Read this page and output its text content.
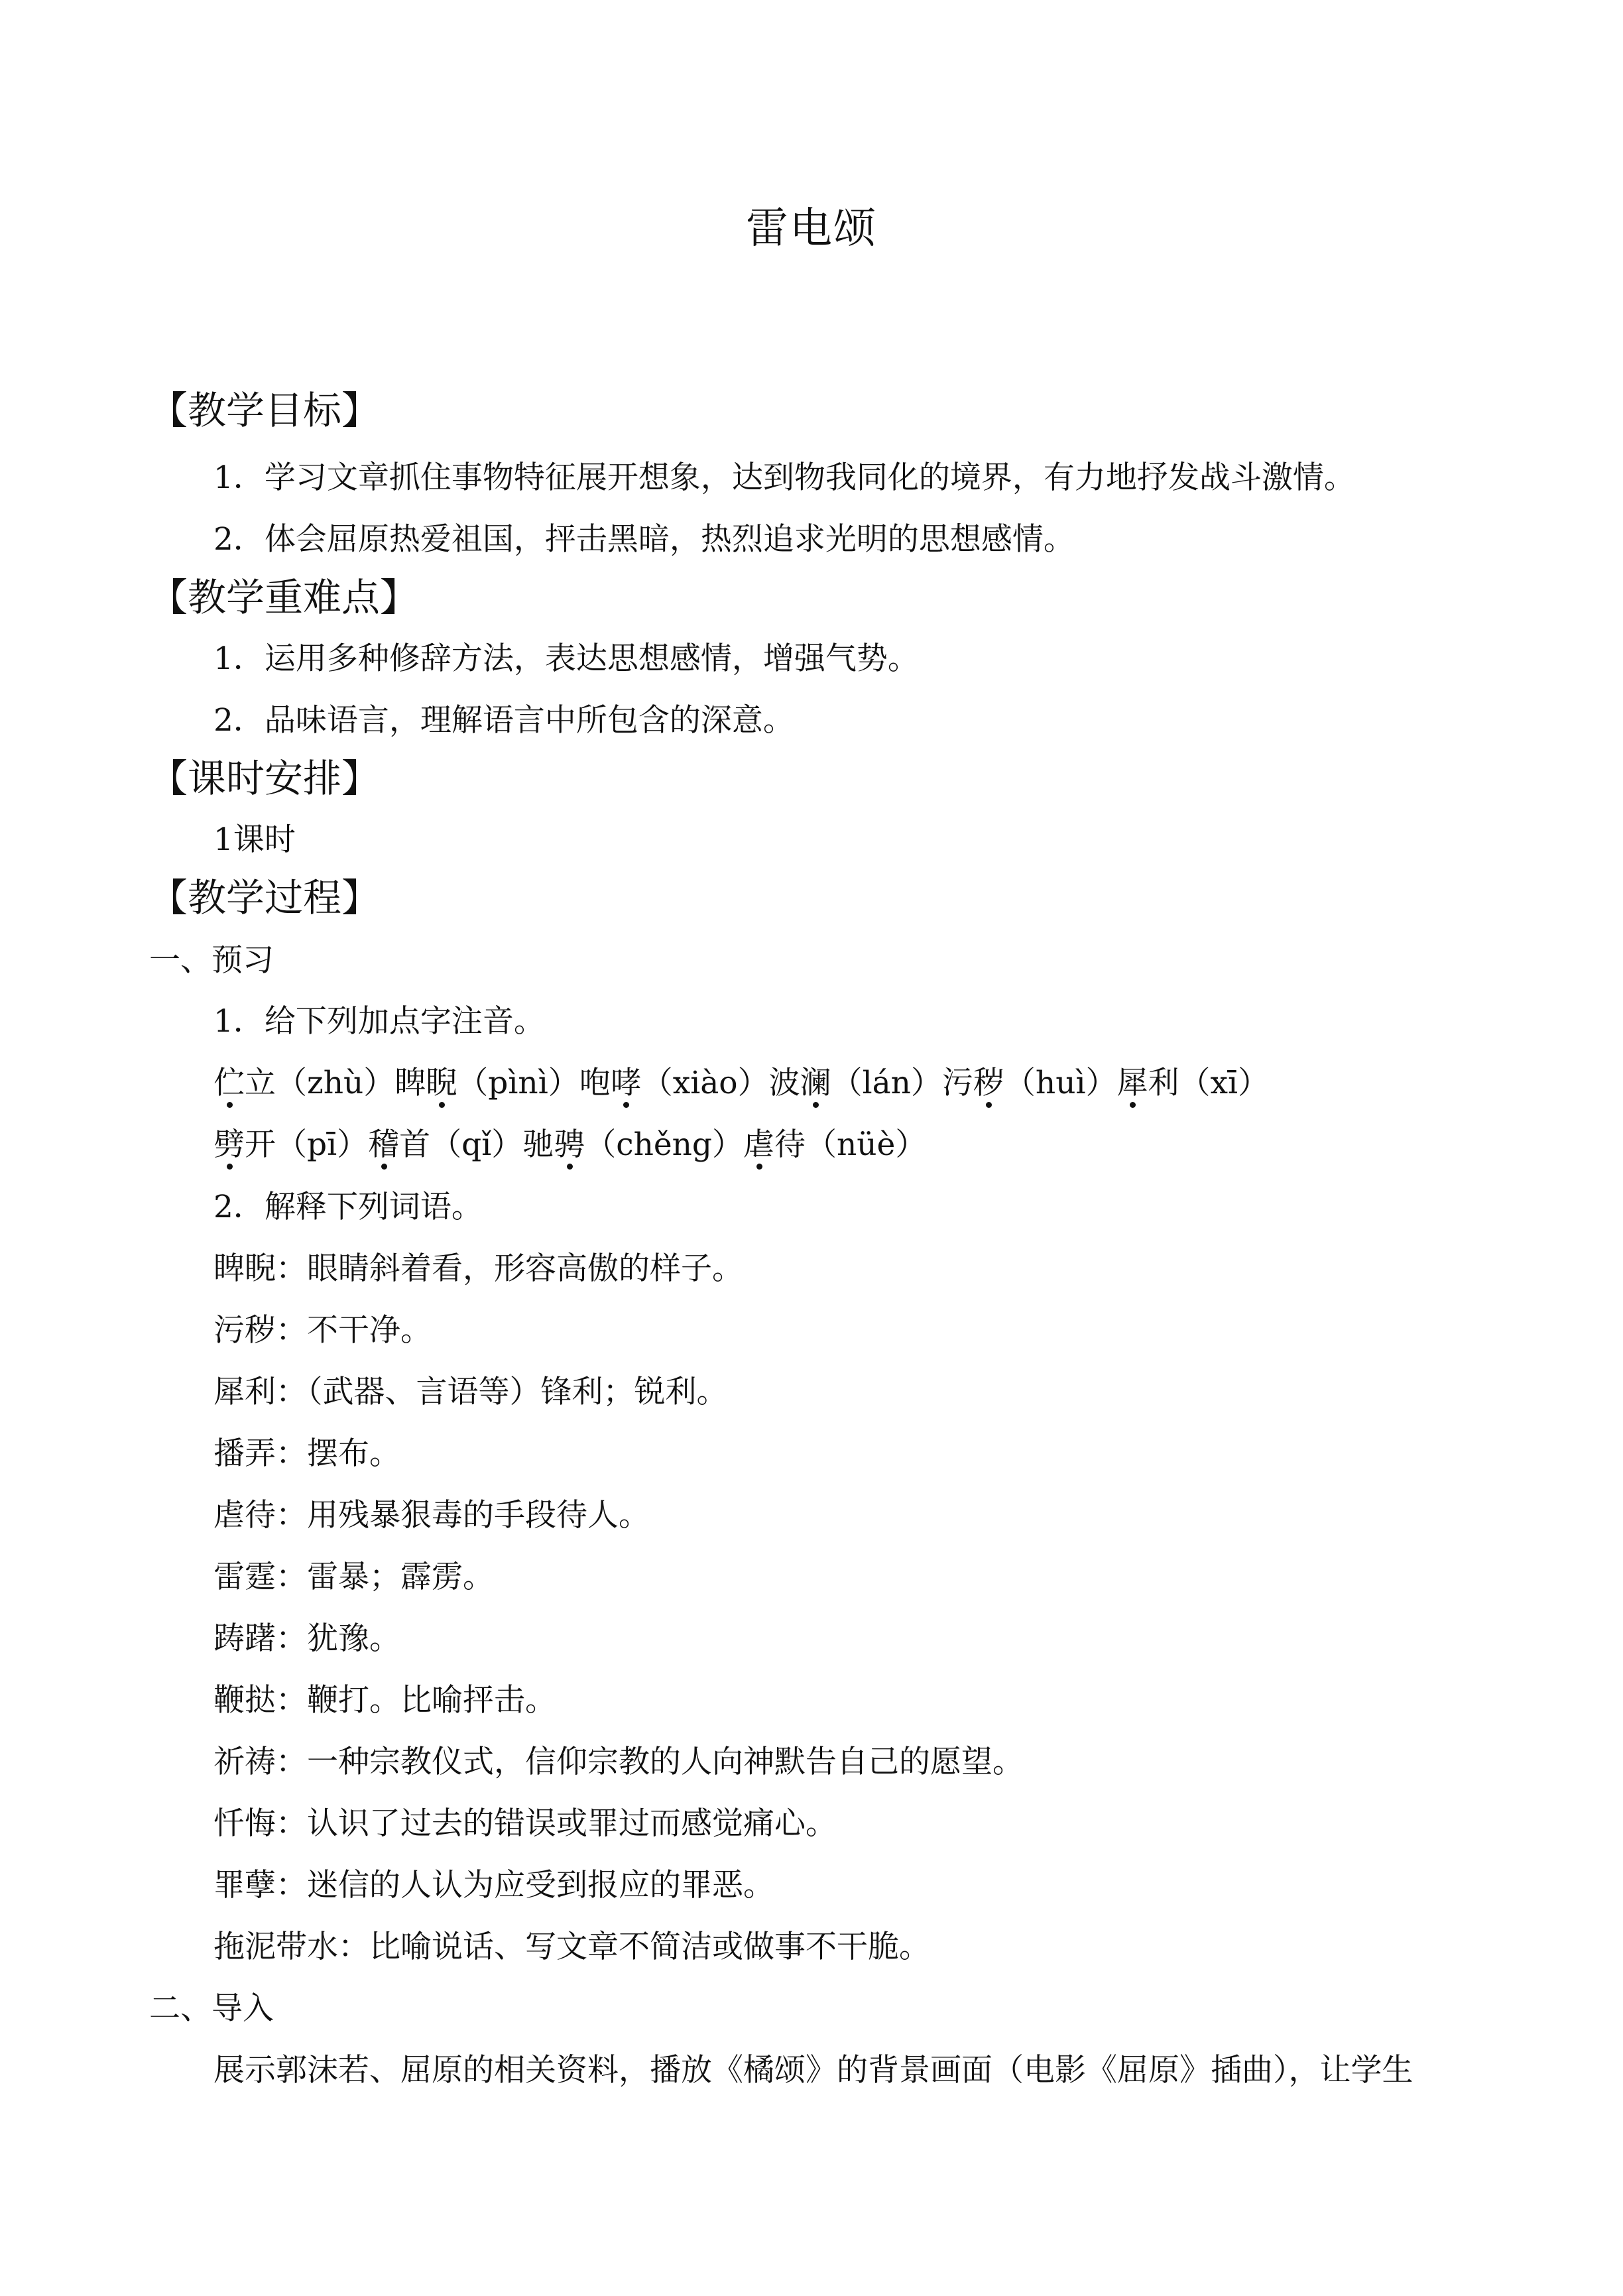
雷电颂
【教学目标】
1．学习文章抓住事物特征展开想象，达到物我同化的境界，有力地抒发战斗激情。
2．体会屈原热爱祖国，抨击黑暗，热烈追求光明的思想感情。
【教学重难点】
1．运用多种修辞方法，表达思想感情，增强气势。
2．品味语言，理解语言中所包含的深意。
【课时安排】
1课时
【教学过程】
一、预习
1．给下列加点字注音。
伫立（zhù）睥睨（pìnì）咆哮（xiào）波澜（lán）污秽（huì）犀利（xī）
劈开（pī）稽首（qǐ）驰骋（chěng）虐待（nüè）
2．解释下列词语。
睥睨：眼睛斜着看，形容高傲的样子。
污秽：不干净。
犀利：（武器、言语等）锋利；锐利。
播弄：摆布。
虐待：用残暴狠毒的手段待人。
雷霆：雷暴；霹雳。
踌躇：犹豫。
鞭挞：鞭打。比喻抨击。
祈祷：一种宗教仪式，信仰宗教的人向神默告自己的愿望。
忏悔：认识了过去的错误或罪过而感觉痛心。
罪孽：迷信的人认为应受到报应的罪恶。
拖泥带水：比喻说话、写文章不简洁或做事不干脆。
二、导入
展示郭沫若、屈原的相关资料，播放《橘颂》的背景画面（电影《屈原》插曲），让学生
